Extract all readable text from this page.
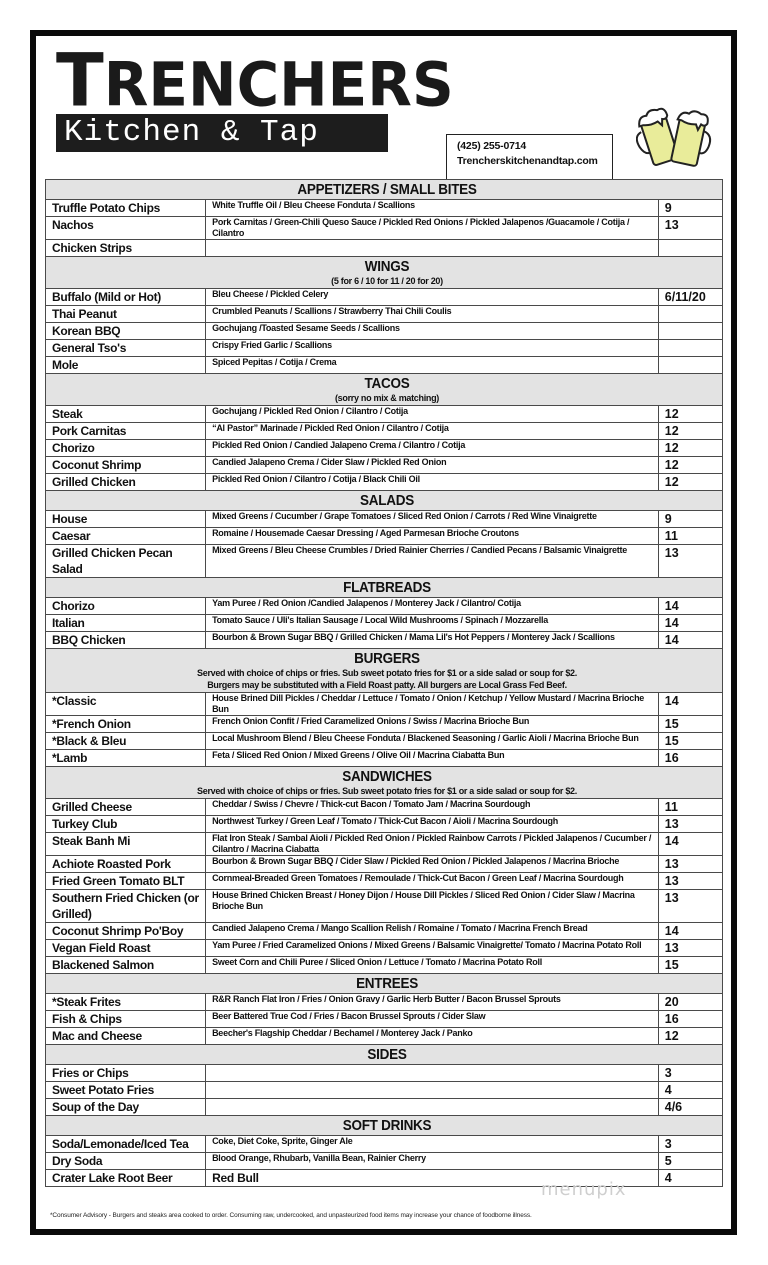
TRENCHERS
Kitchen & Tap	(425) 255-0714
Trencherskitchenandtap.com
APPETIZERS / SMALL BITES		

Truffle Potato Chips	White Truffle Oil / Bleu Cheese Fonduta / Scallions	9
Nachos	Pork Carnitas / Green-Chili Queso Sauce / Pickled Red Onions / Pickled Jalapenos /Guacamole / Cotija / Cilantro	13
Chicken Strips		

WINGS
(5 for 6 / 10 for 11 / 20 for 20)		

Buffalo (Mild or Hot)	Bleu Cheese / Pickled Celery	6/11/20
Thai Peanut	Crumbled Peanuts / Scallions / Strawberry Thai Chili Coulis	
Korean BBQ	Gochujang /Toasted Sesame Seeds / Scallions	
General Tso's	Crispy Fried Garlic / Scallions	
Mole	Spiced Pepitas / Cotija / Crema	

TACOS
(sorry no mix & matching)		

Steak	Gochujang / Pickled Red Onion / Cilantro / Cotija	12
Pork Carnitas	“Al Pastor” Marinade / Pickled Red Onion / Cilantro / Cotija	12
Chorizo	Pickled Red Onion / Candied Jalapeno Crema / Cilantro / Cotija	12
Coconut Shrimp	Candied Jalapeno Crema / Cider Slaw / Pickled Red Onion	12
Grilled Chicken	Pickled Red Onion / Cilantro / Cotija / Black Chili Oil	12

SALADS		

House	Mixed Greens / Cucumber / Grape Tomatoes / Sliced Red Onion / Carrots / Red Wine Vinaigrette	9
Caesar	Romaine / Housemade Caesar Dressing / Aged Parmesan Brioche Croutons	11
Grilled Chicken Pecan Salad	Mixed Greens / Bleu Cheese Crumbles / Dried Rainier Cherries / Candied Pecans / Balsamic Vinaigrette	13

FLATBREADS		

Chorizo	Yam Puree / Red Onion /Candied Jalapenos / Monterey Jack / Cilantro/ Cotija	14
Italian	Tomato Sauce / Uli's Italian Sausage / Local Wild Mushrooms / Spinach / Mozzarella	14
BBQ Chicken	Bourbon & Brown Sugar BBQ / Grilled Chicken / Mama Lil's Hot Peppers / Monterey Jack / Scallions	14

BURGERS
Served with choice of chips or fries. Sub sweet potato fries for $1 or a side salad or soup for $2.
Burgers may be substituted with a Field Roast patty. All burgers are Local Grass Fed Beef.		

*Classic	House Brined Dill Pickles / Cheddar / Lettuce / Tomato / Onion / Ketchup / Yellow Mustard / Macrina Brioche Bun	14
*French Onion	French Onion Confit / Fried Caramelized Onions / Swiss / Macrina Brioche Bun	15
*Black & Bleu	Local Mushroom Blend / Bleu Cheese Fonduta / Blackened Seasoning / Garlic Aioli / Macrina Brioche Bun	15
*Lamb	Feta / Sliced Red Onion / Mixed Greens / Olive Oil / Macrina Ciabatta Bun	16

SANDWICHES
Served with choice of chips or fries. Sub sweet potato fries for $1 or a side salad or soup for $2.		

Grilled Cheese	Cheddar / Swiss / Chevre / Thick-cut Bacon / Tomato Jam / Macrina Sourdough	11
Turkey Club	Northwest Turkey / Green Leaf / Tomato / Thick-Cut Bacon / Aioli / Macrina Sourdough	13
Steak Banh Mi	Flat Iron Steak / Sambal Aioli / Pickled Red Onion / Pickled Rainbow Carrots / Pickled Jalapenos / Cucumber / Cilantro / Macrina Ciabatta	14
Achiote Roasted Pork	Bourbon & Brown Sugar BBQ / Cider Slaw / Pickled Red Onion / Pickled Jalapenos / Macrina Brioche	13
Fried Green Tomato BLT	Cornmeal-Breaded Green Tomatoes / Remoulade / Thick-Cut Bacon / Green Leaf / Macrina Sourdough	13
Southern Fried Chicken (or Grilled)	House Brined Chicken Breast / Honey Dijon / House Dill Pickles / Sliced Red Onion / Cider Slaw / Macrina Brioche Bun	13
Coconut Shrimp Po'Boy	Candied Jalapeno Crema / Mango Scallion Relish / Romaine / Tomato / Macrina French Bread	14
Vegan Field Roast	Yam Puree / Fried Caramelized Onions / Mixed Greens / Balsamic Vinaigrette/ Tomato / Macrina Potato Roll	13
Blackened Salmon	Sweet Corn and Chili Puree / Sliced Onion / Lettuce / Tomato / Macrina Potato Roll	15

ENTREES		

*Steak Frites	R&R Ranch Flat Iron / Fries / Onion Gravy / Garlic Herb Butter / Bacon Brussel Sprouts	20
Fish & Chips	Beer Battered True Cod / Fries / Bacon Brussel Sprouts / Cider Slaw	16
Mac and Cheese	Beecher's Flagship Cheddar / Bechamel / Monterey Jack / Panko	12

SIDES		

Fries or Chips		3
Sweet Potato Fries		4
Soup of the Day		4/6

SOFT DRINKS		

Soda/Lemonade/Iced Tea	Coke, Diet Coke, Sprite, Ginger Ale	3
Dry Soda	Blood Orange, Rhubarb, Vanilla Bean, Rainier Cherry	5
Crater Lake Root Beer	Red Bull	4
menupix
*Consumer Advisory - Burgers and steaks area cooked to order. Consuming raw, undercooked, and unpasteurized food items may increase your chance of foodborne illness.
